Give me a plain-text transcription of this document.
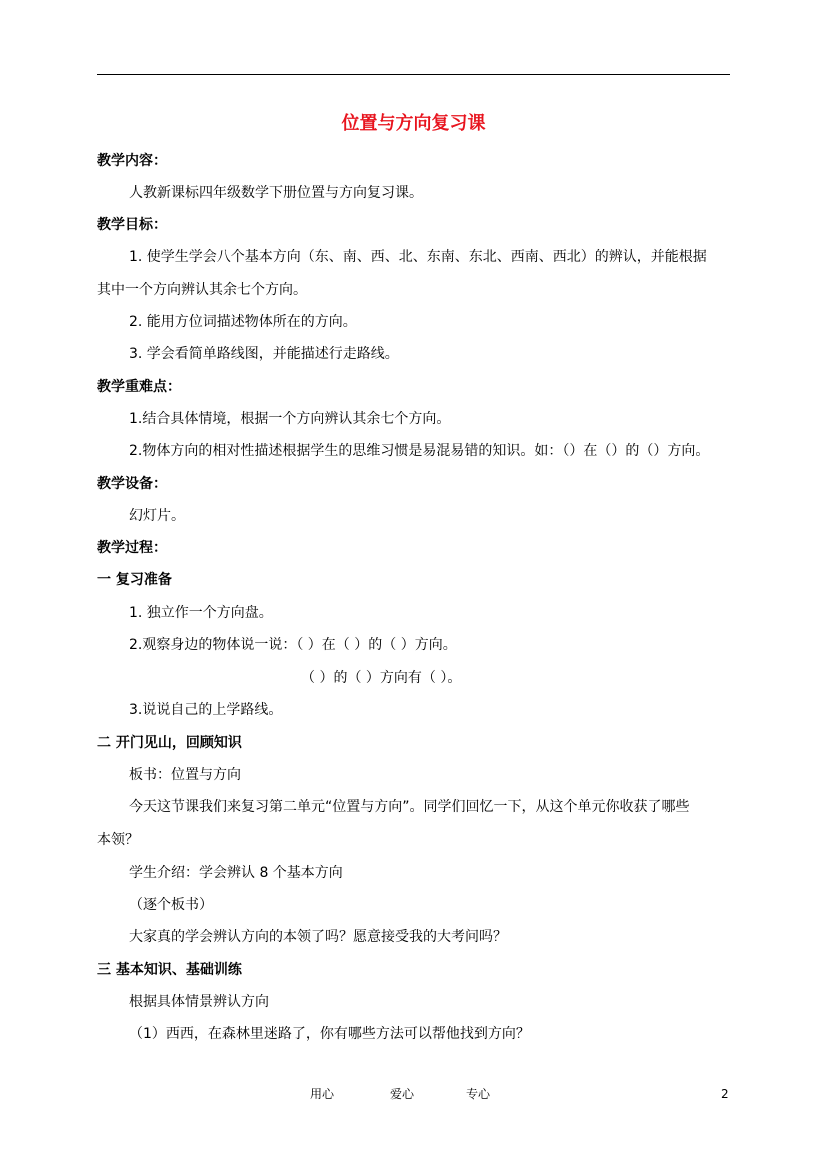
位置与方向复习课
教学内容：
人教新课标四年级数学下册位置与方向复习课。
教学目标：
1. 使学生学会八个基本方向（东、南、西、北、东南、东北、西南、西北）的辨认，并能根据
其中一个方向辨认其余七个方向。
2. 能用方位词描述物体所在的方向。
3. 学会看简单路线图，并能描述行走路线。
教学重难点：
1.结合具体情境，根据一个方向辨认其余七个方向。
2.物体方向的相对性描述根据学生的思维习惯是易混易错的知识。如：（）在（）的（）方向。
教学设备：
幻灯片。
教学过程：
一 复习准备
1. 独立作一个方向盘。
2.观察身边的物体说一说：（ ）在（ ）的（ ）方向。
（ ）的（ ）方向有（ ）。
3.说说自己的上学路线。
二 开门见山，回顾知识
板书：位置与方向
今天这节课我们来复习第二单元“位置与方向”。同学们回忆一下，从这个单元你收获了哪些
本领？
学生介绍：学会辨认 8 个基本方向
（逐个板书）
大家真的学会辨认方向的本领了吗？愿意接受我的大考问吗？
三 基本知识、基础训练
根据具体情景辨认方向
（1）西西，在森林里迷路了，你有哪些方法可以帮他找到方向？
用心	爱心	专心	2
